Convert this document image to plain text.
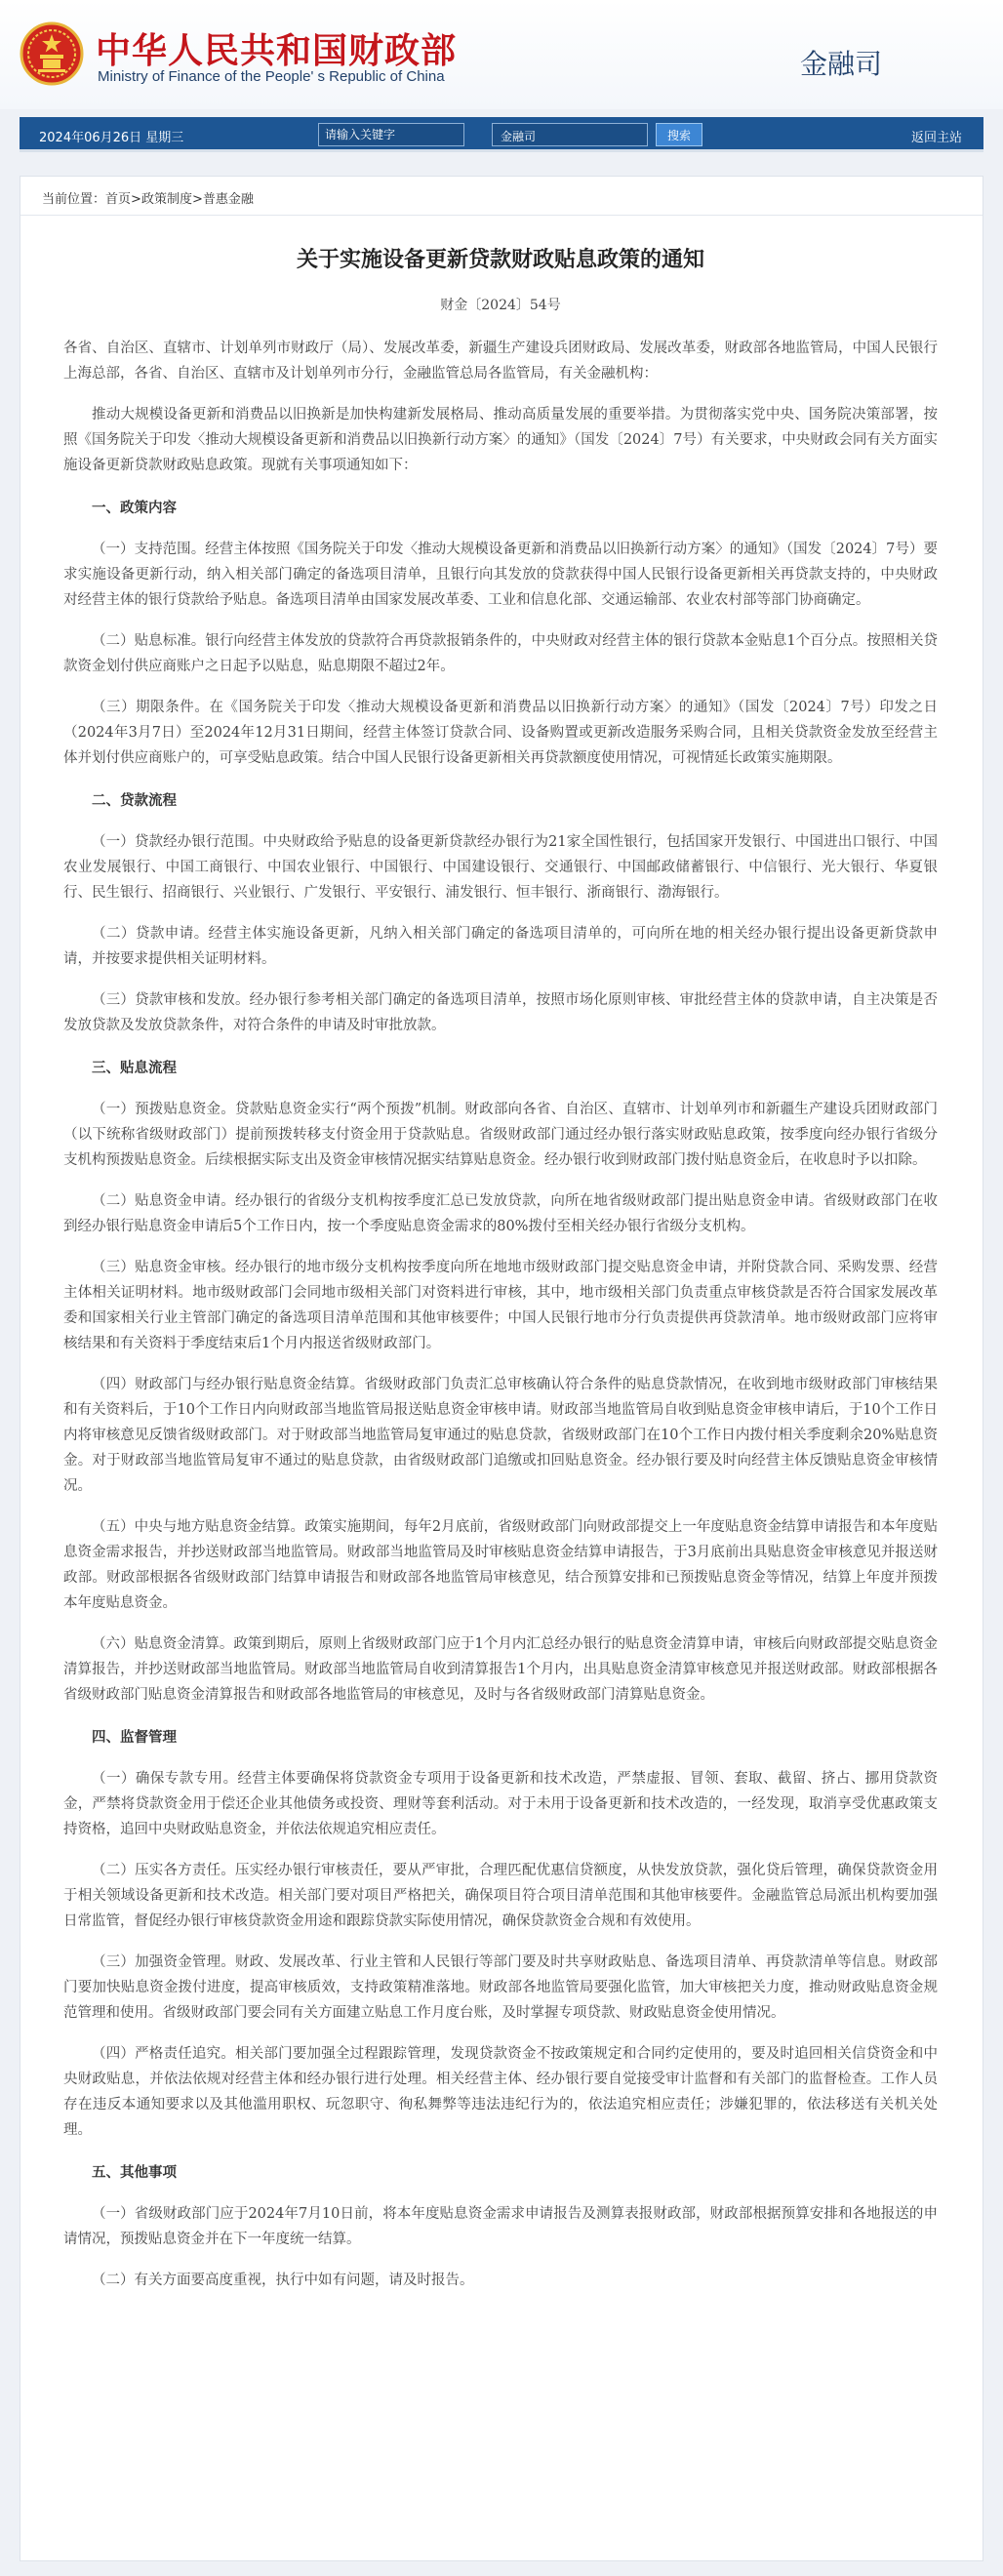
中华人民共和国财政部
Ministry of Finance of the People' s Republic of China	金融司
2024年06月26日 星期三
请输入关键字	金融司	搜索	返回主站
当前位置：首页>政策制度>普惠金融
关于实施设备更新贷款财政贴息政策的通知
财金〔2024〕54号

各省、自治区、直辖市、计划单列市财政厅（局）、发展改革委，新疆生产建设兵团财政局、发展改革委，财政部各地监管局，中国人民银行上海总部，各省、自治区、直辖市及计划单列市分行，金融监管总局各监管局，有关金融机构：

推动大规模设备更新和消费品以旧换新是加快构建新发展格局、推动高质量发展的重要举措。为贯彻落实党中央、国务院决策部署，按照《国务院关于印发〈推动大规模设备更新和消费品以旧换新行动方案〉的通知》（国发〔2024〕7号）有关要求，中央财政会同有关方面实施设备更新贷款财政贴息政策。现就有关事项通知如下：

一、政策内容

（一）支持范围。经营主体按照《国务院关于印发〈推动大规模设备更新和消费品以旧换新行动方案〉的通知》（国发〔2024〕7号）要求实施设备更新行动，纳入相关部门确定的备选项目清单，且银行向其发放的贷款获得中国人民银行设备更新相关再贷款支持的，中央财政对经营主体的银行贷款给予贴息。备选项目清单由国家发展改革委、工业和信息化部、交通运输部、农业农村部等部门协商确定。

（二）贴息标准。银行向经营主体发放的贷款符合再贷款报销条件的，中央财政对经营主体的银行贷款本金贴息1个百分点。按照相关贷款资金划付供应商账户之日起予以贴息，贴息期限不超过2年。

（三）期限条件。在《国务院关于印发〈推动大规模设备更新和消费品以旧换新行动方案〉的通知》（国发〔2024〕7号）印发之日（2024年3月7日）至2024年12月31日期间，经营主体签订贷款合同、设备购置或更新改造服务采购合同，且相关贷款资金发放至经营主体并划付供应商账户的，可享受贴息政策。结合中国人民银行设备更新相关再贷款额度使用情况，可视情延长政策实施期限。

二、贷款流程

（一）贷款经办银行范围。中央财政给予贴息的设备更新贷款经办银行为21家全国性银行，包括国家开发银行、中国进出口银行、中国农业发展银行、中国工商银行、中国农业银行、中国银行、中国建设银行、交通银行、中国邮政储蓄银行、中信银行、光大银行、华夏银行、民生银行、招商银行、兴业银行、广发银行、平安银行、浦发银行、恒丰银行、浙商银行、渤海银行。

（二）贷款申请。经营主体实施设备更新，凡纳入相关部门确定的备选项目清单的，可向所在地的相关经办银行提出设备更新贷款申请，并按要求提供相关证明材料。

（三）贷款审核和发放。经办银行参考相关部门确定的备选项目清单，按照市场化原则审核、审批经营主体的贷款申请，自主决策是否发放贷款及发放贷款条件，对符合条件的申请及时审批放款。

三、贴息流程

（一）预拨贴息资金。贷款贴息资金实行“两个预拨”机制。财政部向各省、自治区、直辖市、计划单列市和新疆生产建设兵团财政部门（以下统称省级财政部门）提前预拨转移支付资金用于贷款贴息。省级财政部门通过经办银行落实财政贴息政策，按季度向经办银行省级分支机构预拨贴息资金。后续根据实际支出及资金审核情况据实结算贴息资金。经办银行收到财政部门拨付贴息资金后，在收息时予以扣除。

（二）贴息资金申请。经办银行的省级分支机构按季度汇总已发放贷款，向所在地省级财政部门提出贴息资金申请。省级财政部门在收到经办银行贴息资金申请后5个工作日内，按一个季度贴息资金需求的80%拨付至相关经办银行省级分支机构。

（三）贴息资金审核。经办银行的地市级分支机构按季度向所在地地市级财政部门提交贴息资金申请，并附贷款合同、采购发票、经营主体相关证明材料。地市级财政部门会同地市级相关部门对资料进行审核，其中，地市级相关部门负责重点审核贷款是否符合国家发展改革委和国家相关行业主管部门确定的备选项目清单范围和其他审核要件；中国人民银行地市分行负责提供再贷款清单。地市级财政部门应将审核结果和有关资料于季度结束后1个月内报送省级财政部门。

（四）财政部门与经办银行贴息资金结算。省级财政部门负责汇总审核确认符合条件的贴息贷款情况，在收到地市级财政部门审核结果和有关资料后，于10个工作日内向财政部当地监管局报送贴息资金审核申请。财政部当地监管局自收到贴息资金审核申请后，于10个工作日内将审核意见反馈省级财政部门。对于财政部当地监管局复审通过的贴息贷款，省级财政部门在10个工作日内拨付相关季度剩余20%贴息资金。对于财政部当地监管局复审不通过的贴息贷款，由省级财政部门追缴或扣回贴息资金。经办银行要及时向经营主体反馈贴息资金审核情况。

（五）中央与地方贴息资金结算。政策实施期间，每年2月底前，省级财政部门向财政部提交上一年度贴息资金结算申请报告和本年度贴息资金需求报告，并抄送财政部当地监管局。财政部当地监管局及时审核贴息资金结算申请报告，于3月底前出具贴息资金审核意见并报送财政部。财政部根据各省级财政部门结算申请报告和财政部各地监管局审核意见，结合预算安排和已预拨贴息资金等情况，结算上年度并预拨本年度贴息资金。

（六）贴息资金清算。政策到期后，原则上省级财政部门应于1个月内汇总经办银行的贴息资金清算申请，审核后向财政部提交贴息资金清算报告，并抄送财政部当地监管局。财政部当地监管局自收到清算报告1个月内，出具贴息资金清算审核意见并报送财政部。财政部根据各省级财政部门贴息资金清算报告和财政部各地监管局的审核意见，及时与各省级财政部门清算贴息资金。

四、监督管理

（一）确保专款专用。经营主体要确保将贷款资金专项用于设备更新和技术改造，严禁虚报、冒领、套取、截留、挤占、挪用贷款资金，严禁将贷款资金用于偿还企业其他债务或投资、理财等套利活动。对于未用于设备更新和技术改造的，一经发现，取消享受优惠政策支持资格，追回中央财政贴息资金，并依法依规追究相应责任。

（二）压实各方责任。压实经办银行审核责任，要从严审批，合理匹配优惠信贷额度，从快发放贷款，强化贷后管理，确保贷款资金用于相关领域设备更新和技术改造。相关部门要对项目严格把关，确保项目符合项目清单范围和其他审核要件。金融监管总局派出机构要加强日常监管，督促经办银行审核贷款资金用途和跟踪贷款实际使用情况，确保贷款资金合规和有效使用。

（三）加强资金管理。财政、发展改革、行业主管和人民银行等部门要及时共享财政贴息、备选项目清单、再贷款清单等信息。财政部门要加快贴息资金拨付进度，提高审核质效，支持政策精准落地。财政部各地监管局要强化监管，加大审核把关力度，推动财政贴息资金规范管理和使用。省级财政部门要会同有关方面建立贴息工作月度台账，及时掌握专项贷款、财政贴息资金使用情况。

（四）严格责任追究。相关部门要加强全过程跟踪管理，发现贷款资金不按政策规定和合同约定使用的，要及时追回相关信贷资金和中央财政贴息，并依法依规对经营主体和经办银行进行处理。相关经营主体、经办银行要自觉接受审计监督和有关部门的监督检查。工作人员存在违反本通知要求以及其他滥用职权、玩忽职守、徇私舞弊等违法违纪行为的，依法追究相应责任；涉嫌犯罪的，依法移送有关机关处理。

五、其他事项

（一）省级财政部门应于2024年7月10日前，将本年度贴息资金需求申请报告及测算表报财政部，财政部根据预算安排和各地报送的申请情况，预拨贴息资金并在下一年度统一结算。

（二）有关方面要高度重视，执行中如有问题，请及时报告。
